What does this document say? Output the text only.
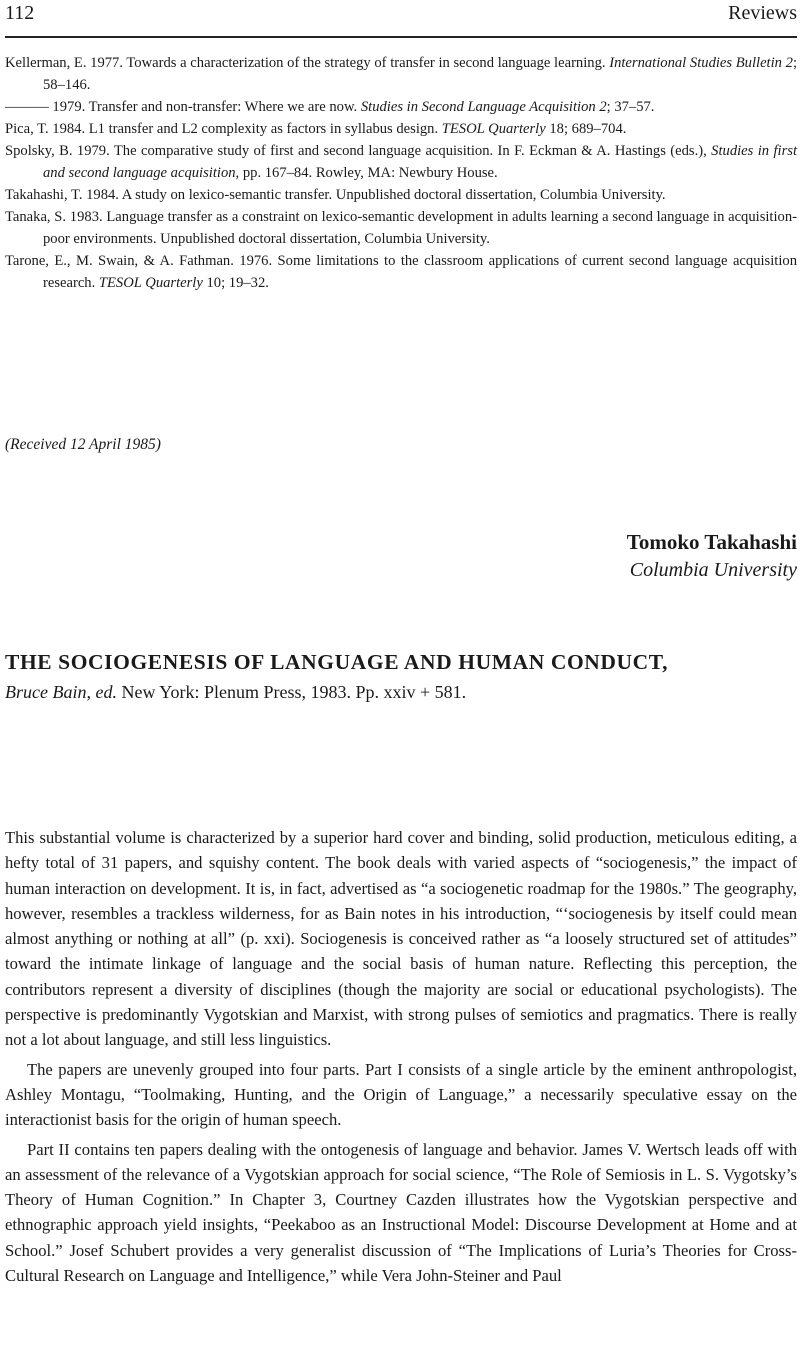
112	Reviews

Kellerman, E. 1977. Towards a characterization of the strategy of transfer in second language learning. International Studies Bulletin 2; 58–146.

——— 1979. Transfer and non-transfer: Where we are now. Studies in Second Language Acquisition 2; 37–57.

Pica, T. 1984. L1 transfer and L2 complexity as factors in syllabus design. TESOL Quarterly 18; 689–704.

Spolsky, B. 1979. The comparative study of first and second language acquisition. In F. Eckman & A. Hastings (eds.), Studies in first and second language acquisition, pp. 167–84. Rowley, MA: Newbury House.

Takahashi, T. 1984. A study on lexico-semantic transfer. Unpublished doctoral dissertation, Columbia University.

Tanaka, S. 1983. Language transfer as a constraint on lexico-semantic development in adults learning a second language in acquisition-poor environments. Unpublished doctoral dissertation, Columbia University.

Tarone, E., M. Swain, & A. Fathman. 1976. Some limitations to the classroom applications of current second language acquisition research. TESOL Quarterly 10; 19–32.

(Received 12 April 1985)
Tomoko Takahashi
Columbia University
THE SOCIOGENESIS OF LANGUAGE AND HUMAN CONDUCT,
Bruce Bain, ed. New York: Plenum Press, 1983. Pp. xxiv + 581.

This substantial volume is characterized by a superior hard cover and binding, solid production, meticulous editing, a hefty total of 31 papers, and squishy content. The book deals with varied aspects of “sociogenesis,” the impact of human interaction on development. It is, in fact, advertised as “a sociogenetic roadmap for the 1980s.” The geography, however, resembles a trackless wilderness, for as Bain notes in his introduction, “‘sociogenesis by itself could mean almost anything or nothing at all” (p. xxi). Sociogenesis is conceived rather as “a loosely structured set of attitudes” toward the intimate linkage of language and the social basis of human nature. Reflecting this perception, the contributors represent a diversity of disciplines (though the majority are social or educational psychologists). The perspective is predominantly Vygotskian and Marxist, with strong pulses of semiotics and pragmatics. There is really not a lot about language, and still less linguistics.

The papers are unevenly grouped into four parts. Part I consists of a single article by the eminent anthropologist, Ashley Montagu, “Toolmaking, Hunting, and the Origin of Language,” a necessarily speculative essay on the interactionist basis for the origin of human speech.

Part II contains ten papers dealing with the ontogenesis of language and behavior. James V. Wertsch leads off with an assessment of the relevance of a Vygotskian approach for social science, “The Role of Semiosis in L. S. Vygotsky’s Theory of Human Cognition.” In Chapter 3, Courtney Cazden illustrates how the Vygotskian perspective and ethnographic approach yield insights, “Peekaboo as an Instructional Model: Discourse Development at Home and at School.” Josef Schubert provides a very generalist discussion of “The Implications of Luria’s Theories for Cross-Cultural Research on Language and Intelligence,” while Vera John-Steiner and Paul
